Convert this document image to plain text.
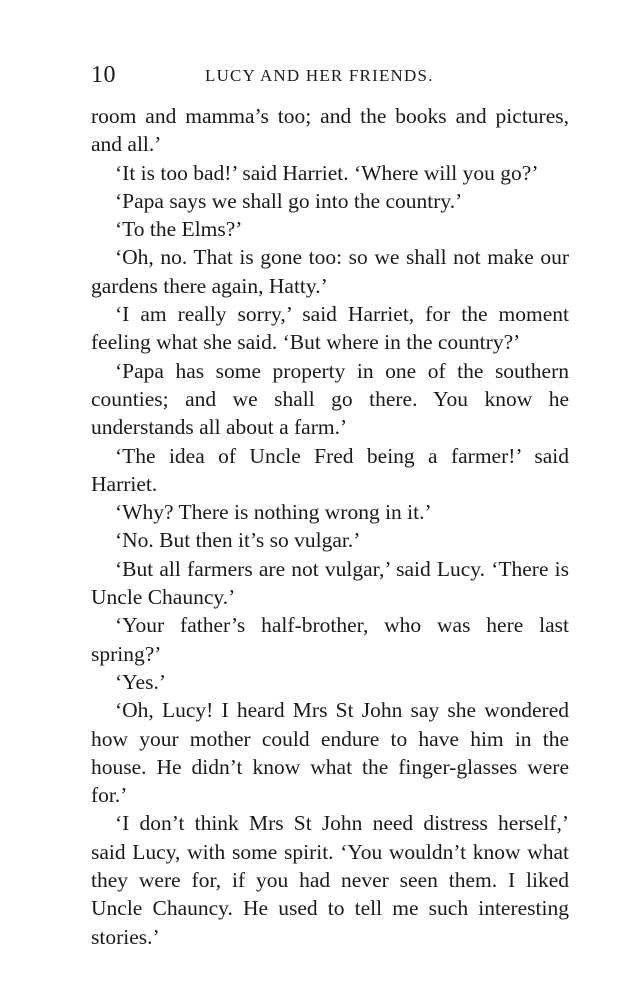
10	LUCY AND HER FRIENDS.

room and mamma’s too; and the books and pictures, and all.’

‘It is too bad!’ said Harriet. ‘Where will you go?’

‘Papa says we shall go into the country.’

‘To the Elms?’

‘Oh, no. That is gone too: so we shall not make our gardens there again, Hatty.’

‘I am really sorry,’ said Harriet, for the moment feeling what she said. ‘But where in the country?’

‘Papa has some property in one of the southern counties; and we shall go there. You know he understands all about a farm.’

‘The idea of Uncle Fred being a farmer!’ said Harriet.

‘Why? There is nothing wrong in it.’

‘No. But then it’s so vulgar.’

‘But all farmers are not vulgar,’ said Lucy. ‘There is Uncle Chauncy.’

‘Your father’s half-brother, who was here last spring?’

‘Yes.’

‘Oh, Lucy! I heard Mrs St John say she wondered how your mother could endure to have him in the house. He didn’t know what the finger-glasses were for.’

‘I don’t think Mrs St John need distress herself,’ said Lucy, with some spirit. ‘You wouldn’t know what they were for, if you had never seen them. I liked Uncle Chauncy. He used to tell me such interesting stories.’
